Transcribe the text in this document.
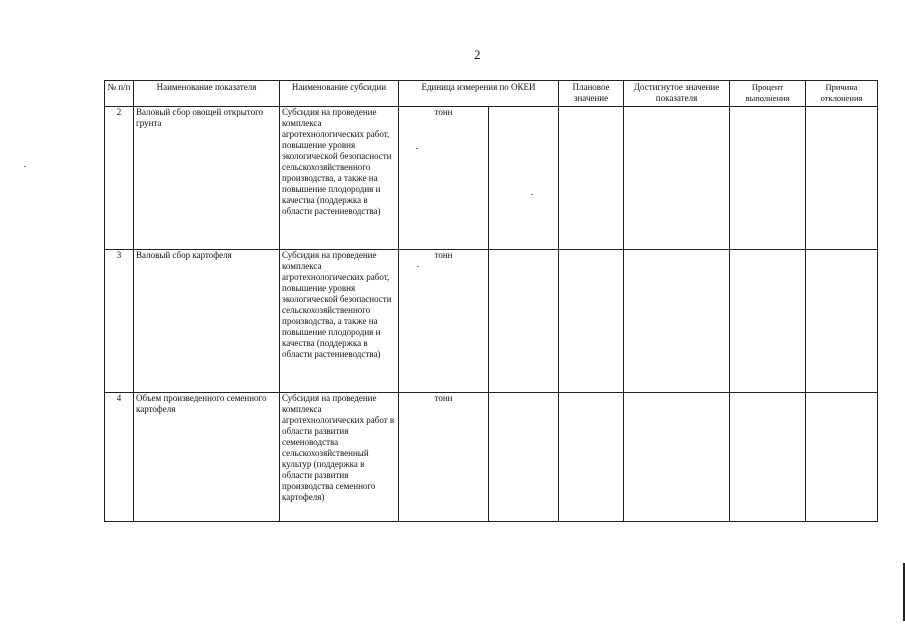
2
№ п/п	Наименование показателя	Наименование субсидии	Единица измерения по ОКЕИ		Плановое значение	Достигнутое значение показателя	Процент выполнения	Причина отклонения
2	Валовый сбор овощей открытого грунта	Субсидия на проведение комплекса агротехнологических работ, повышение уровня экологической безопасности сельскохозяйственного производства, а также на повышение плодородия и качества (поддержка в области растениеводства)	тонн					
3	Валовый сбор картофеля	Субсидия на проведение комплекса агротехнологических работ, повышение уровня экологической безопасности сельскохозяйственного производства, а также на повышение плодородия и качества (поддержка в области растениеводства)	тонн					
4	Объем произведенного семенного картофеля	Субсидия на проведение комплекса агротехнологических работ в области развития семеноводства сельскохозяйственный культур (поддержка в области развития производства семенного картофеля)	тонн					
